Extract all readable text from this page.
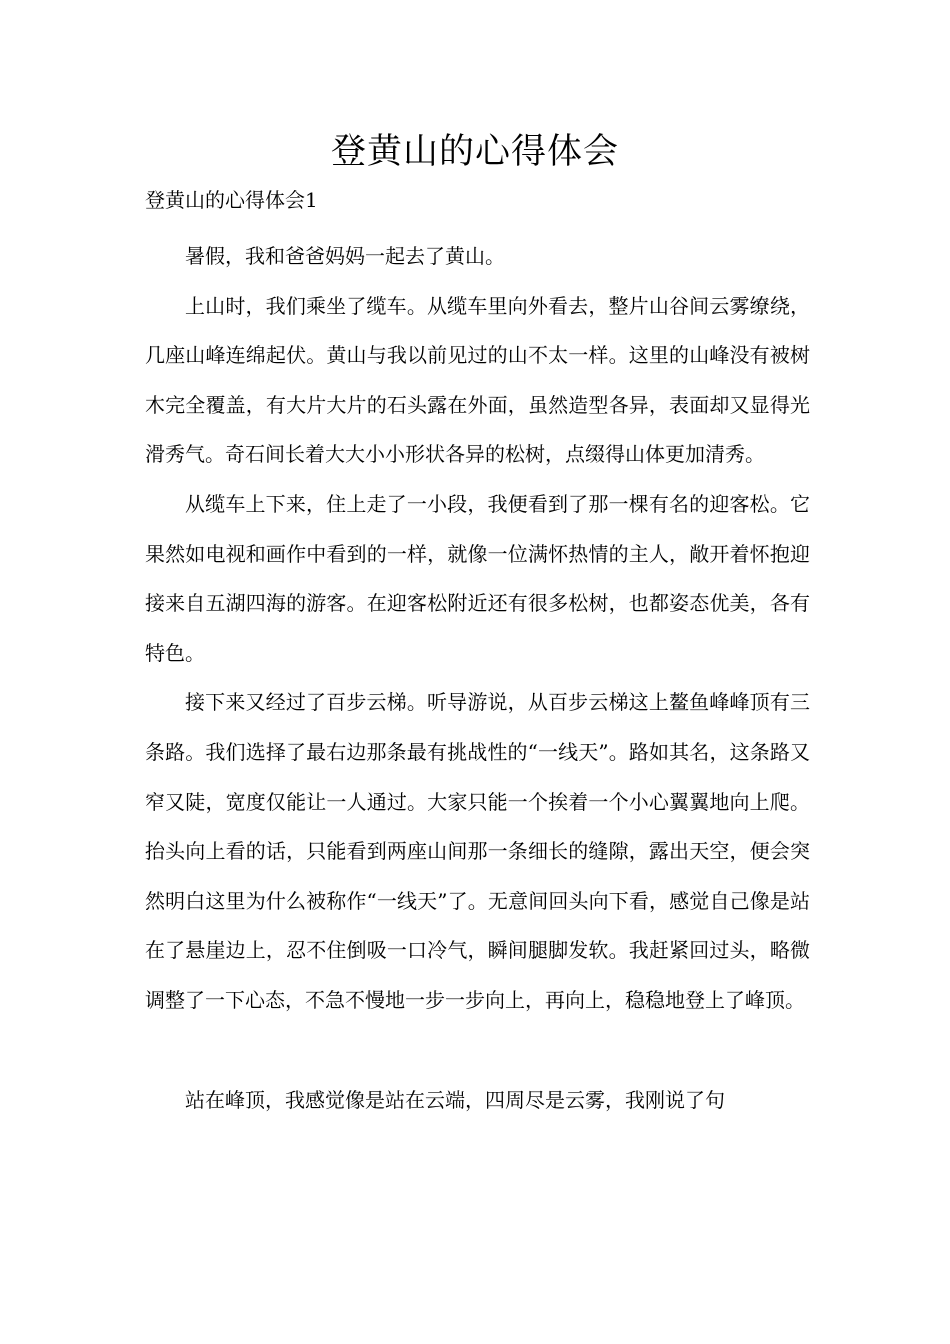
登黄山的心得体会

登黄山的心得体会1

暑假，我和爸爸妈妈一起去了黄山。

上山时，我们乘坐了缆车。从缆车里向外看去，整片山谷间云雾缭绕，几座山峰连绵起伏。黄山与我以前见过的山不太一样。这里的山峰没有被树木完全覆盖，有大片大片的石头露在外面，虽然造型各异，表面却又显得光滑秀气。奇石间长着大大小小形状各异的松树，点缀得山体更加清秀。

从缆车上下来，住上走了一小段，我便看到了那一棵有名的迎客松。它果然如电视和画作中看到的一样，就像一位满怀热情的主人，敞开着怀抱迎接来自五湖四海的游客。在迎客松附近还有很多松树，也都姿态优美，各有特色。

接下来又经过了百步云梯。听导游说，从百步云梯这上鳌鱼峰峰顶有三条路。我们选择了最右边那条最有挑战性的“一线天”。路如其名，这条路又窄又陡，宽度仅能让一人通过。大家只能一个挨着一个小心翼翼地向上爬。抬头向上看的话，只能看到两座山间那一条细长的缝隙，露出天空，便会突然明白这里为什么被称作“一线天”了。无意间回头向下看，感觉自己像是站在了悬崖边上，忍不住倒吸一口冷气，瞬间腿脚发软。我赶紧回过头，略微调整了一下心态，不急不慢地一步一步向上，再向上，稳稳地登上了峰顶。

站在峰顶，我感觉像是站在云端，四周尽是云雾，我刚说了句
